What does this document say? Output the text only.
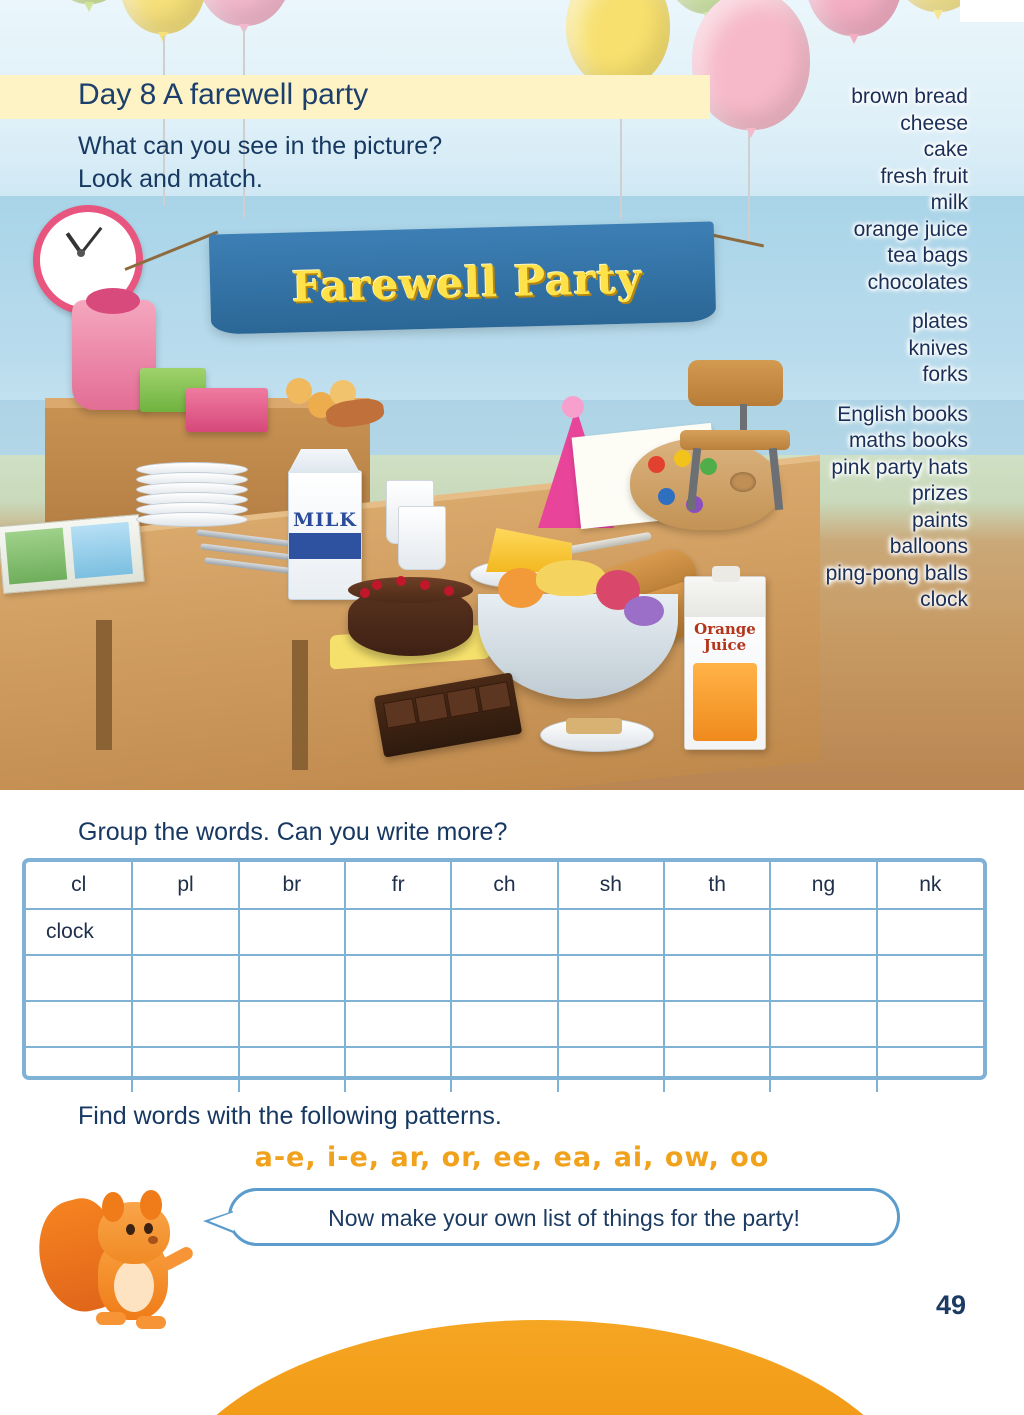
Farewell Party
MILK
Orange
Juice
Day 8 A farewell party
What can you see in the picture?
Look and match.
brown bread
cheese
cake
fresh fruit
milk
orange juice
tea bags
chocolates
plates
knives
forks
English books
maths books
pink party hats
prizes
paints
balloons
ping-pong balls
clock
Group the words. Can you write more?
cl	pl	br	fr	ch	sh	th	ng	nk
clock								

Find words with the following patterns.
a-e, i-e, ar, or, ee, ea, ai, ow, oo
Now make your own list of things for the party!
49
